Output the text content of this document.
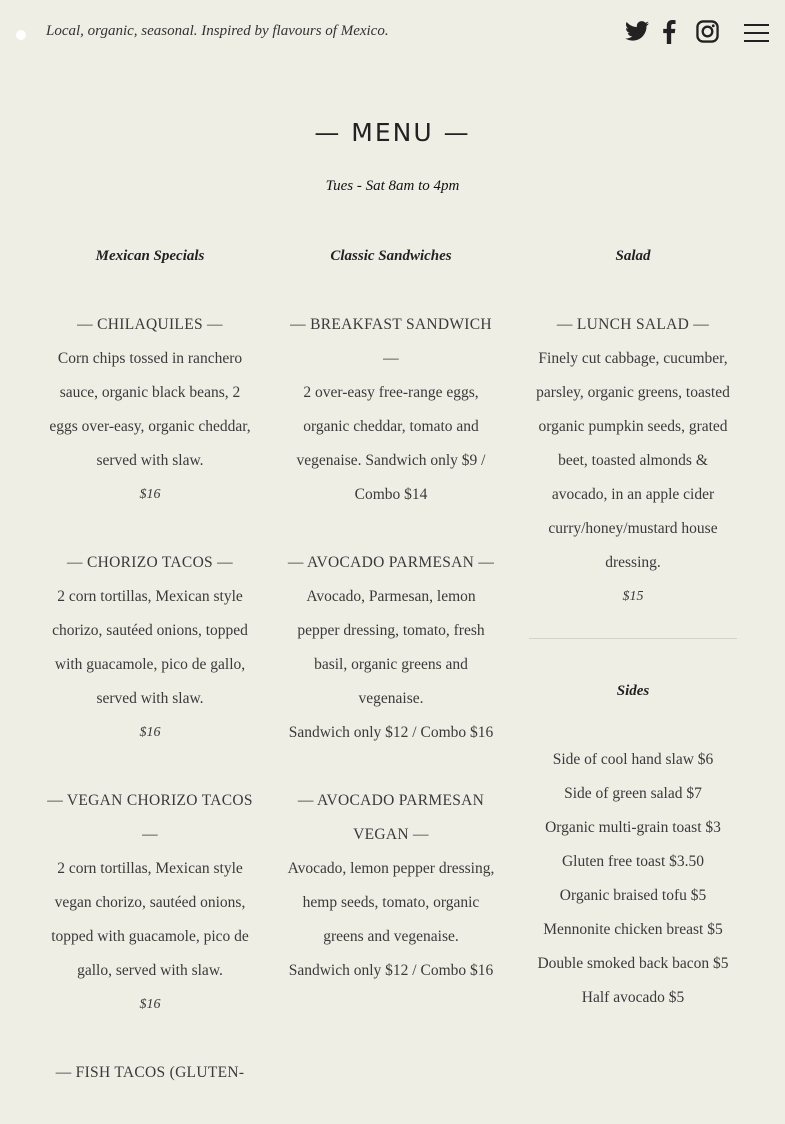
Local, organic, seasonal. Inspired by flavours of Mexico.
— MENU —
Tues - Sat 8am to 4pm
Mexican Specials
— CHILAQUILES —
Corn chips tossed in ranchero sauce, organic black beans, 2 eggs over-easy, organic cheddar, served with slaw.
$16
— CHORIZO TACOS —
2 corn tortillas, Mexican style chorizo, sautéed onions, topped with guacamole, pico de gallo, served with slaw.
$16
— VEGAN CHORIZO TACOS —
2 corn tortillas, Mexican style vegan chorizo, sautéed onions, topped with guacamole, pico de gallo, served with slaw.
$16
— FISH TACOS (GLUTEN-
Classic Sandwiches
— BREAKFAST SANDWICH —
2 over-easy free-range eggs, organic cheddar, tomato and vegenaise. Sandwich only $9 / Combo $14
— AVOCADO PARMESAN —
Avocado, Parmesan, lemon pepper dressing, tomato, fresh basil, organic greens and vegenaise.
Sandwich only $12 / Combo $16
— AVOCADO PARMESAN VEGAN —
Avocado, lemon pepper dressing, hemp seeds, tomato, organic greens and vegenaise.
Sandwich only $12 / Combo $16
Salad
— LUNCH SALAD —
Finely cut cabbage, cucumber, parsley, organic greens, toasted organic pumpkin seeds, grated beet, toasted almonds & avocado, in an apple cider curry/honey/mustard house dressing.
$15
Sides
Side of cool hand slaw $6
Side of green salad $7
Organic multi-grain toast $3
Gluten free toast $3.50
Organic braised tofu $5
Mennonite chicken breast $5
Double smoked back bacon $5
Half avocado $5
